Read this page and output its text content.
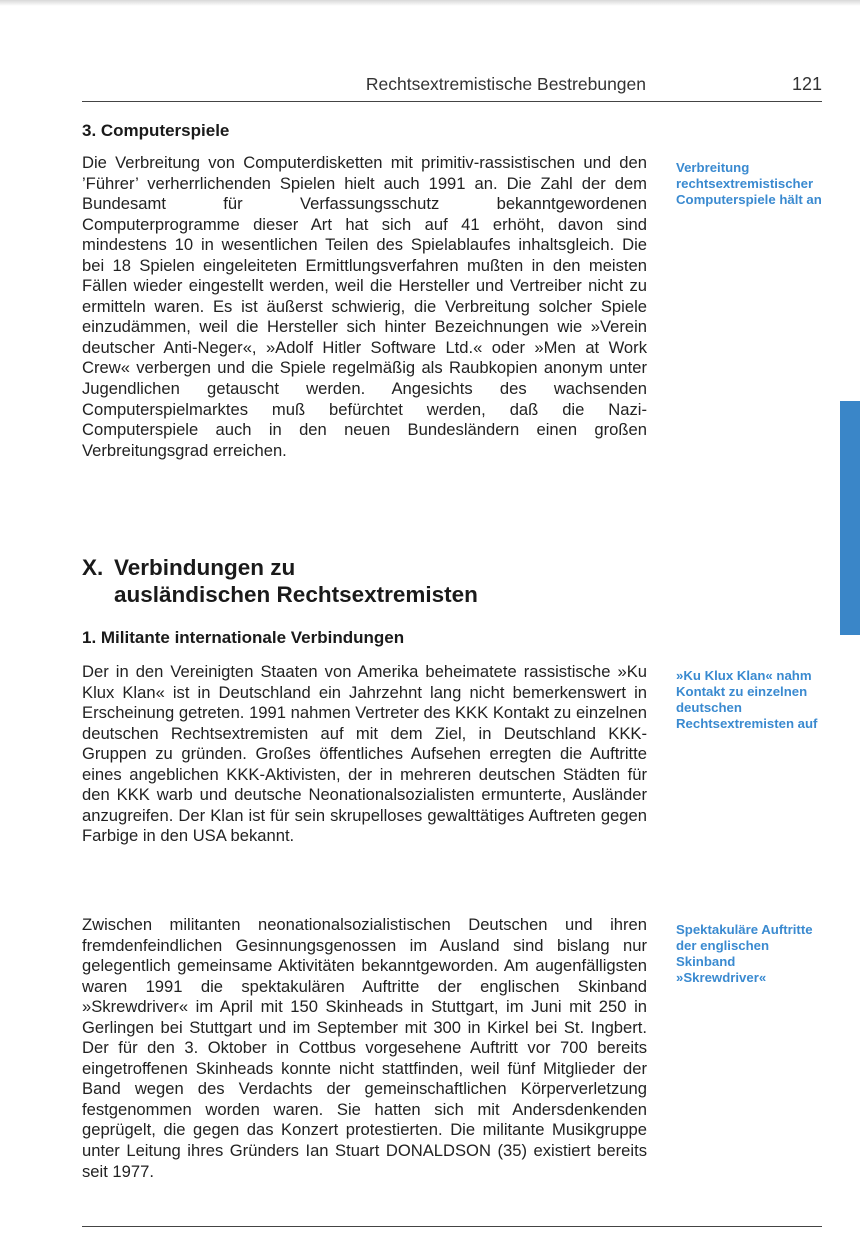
Rechtsextremistische Bestrebungen	121
3. Computerspiele

Die Verbreitung von Computerdisketten mit primitiv-rassistischen und den ’Führer’ verherrlichenden Spielen hielt auch 1991 an. Die Zahl der dem Bundesamt für Verfassungsschutz bekanntgewordenen Computerprogramme dieser Art hat sich auf 41 erhöht, davon sind mindestens 10 in wesentlichen Teilen des Spielablaufes inhaltsgleich. Die bei 18 Spielen eingeleiteten Ermittlungsverfahren mußten in den meisten Fällen wieder eingestellt werden, weil die Hersteller und Vertreiber nicht zu ermitteln waren. Es ist äußerst schwierig, die Verbreitung solcher Spiele einzudämmen, weil die Hersteller sich hinter Bezeichnungen wie »Verein deutscher Anti-Neger«, »Adolf Hitler Software Ltd.« oder »Men at Work Crew« verbergen und die Spiele regelmäßig als Raubkopien anonym unter Jugendlichen getauscht werden. Angesichts des wachsenden Computerspielmarktes muß befürchtet werden, daß die Nazi-Computerspiele auch in den neuen Bundesländern einen großen Verbreitungsgrad erreichen.

Verbreitung rechtsextremistischer Computerspiele hält an

X. Verbindungen zu
ausländischen Rechtsextremisten
1. Militante internationale Verbindungen

Der in den Vereinigten Staaten von Amerika beheimatete rassistische »Ku Klux Klan« ist in Deutschland ein Jahrzehnt lang nicht bemerkenswert in Erscheinung getreten. 1991 nahmen Vertreter des KKK Kontakt zu einzelnen deutschen Rechtsextremisten auf mit dem Ziel, in Deutschland KKK-Gruppen zu gründen. Großes öffentliches Aufsehen erregten die Auftritte eines angeblichen KKK-Aktivisten, der in mehreren deutschen Städten für den KKK warb und deutsche Neonationalsozialisten ermunterte, Ausländer anzugreifen. Der Klan ist für sein skrupelloses gewalttätiges Auftreten gegen Farbige in den USA bekannt.

»Ku Klux Klan« nahm Kontakt zu einzelnen deutschen Rechtsextremisten auf

Zwischen militanten neonationalsozialistischen Deutschen und ihren fremdenfeindlichen Gesinnungsgenossen im Ausland sind bislang nur gelegentlich gemeinsame Aktivitäten bekanntgeworden. Am augenfälligsten waren 1991 die spektakulären Auftritte der englischen Skinband »Skrewdriver« im April mit 150 Skinheads in Stuttgart, im Juni mit 250 in Gerlingen bei Stuttgart und im September mit 300 in Kirkel bei St. Ingbert. Der für den 3. Oktober in Cottbus vorgesehene Auftritt vor 700 bereits eingetroffenen Skinheads konnte nicht stattfinden, weil fünf Mitglieder der Band wegen des Verdachts der gemeinschaftlichen Körperverletzung festgenommen worden waren. Sie hatten sich mit Andersdenkenden geprügelt, die gegen das Konzert protestierten. Die militante Musikgruppe unter Leitung ihres Gründers Ian Stuart DONALDSON (35) existiert bereits seit 1977.

Spektakuläre Auftritte der englischen Skinband »Skrewdriver«
